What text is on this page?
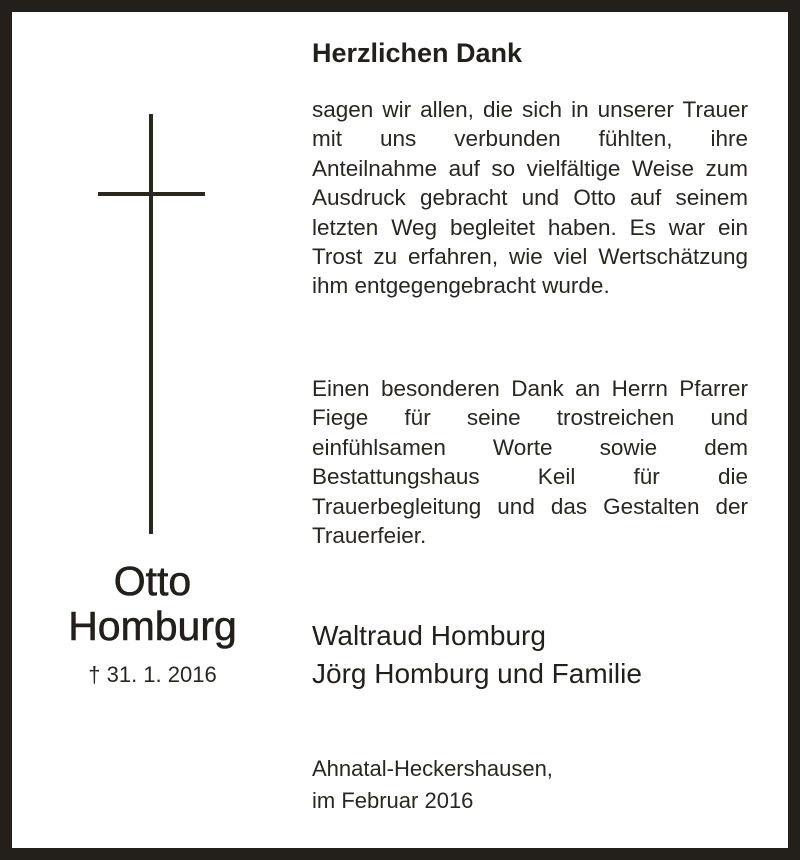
Otto
Homburg
† 31. 1. 2016
Herzlichen Dank

sagen wir allen, die sich in unserer Trauer mit uns verbunden fühlten, ihre Anteilnahme auf so vielfältige Weise zum Ausdruck gebracht und Otto auf seinem letzten Weg begleitet haben. Es war ein Trost zu erfahren, wie viel Wertschätzung ihm entgegengebracht wurde.

Einen besonderen Dank an Herrn Pfarrer Fiege für seine trostreichen und einfühlsamen Worte sowie dem Bestattungshaus Keil für die Trauerbegleitung und das Gestalten der Trauerfeier.

Waltraud Homburg
Jörg Homburg und Familie
Ahnatal-Heckershausen,
im Februar 2016
